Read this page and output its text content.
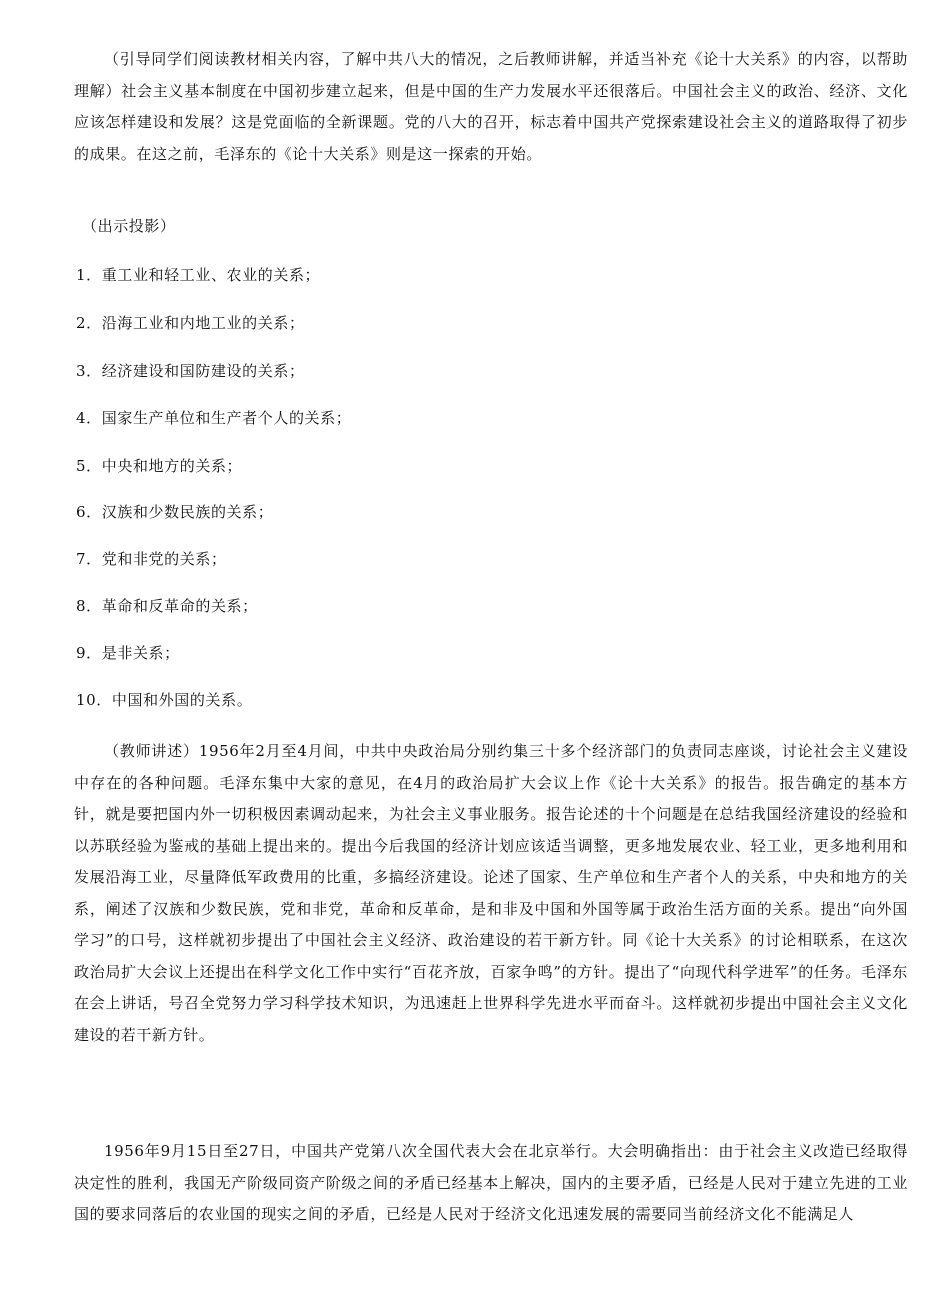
（引导同学们阅读教材相关内容，了解中共八大的情况，之后教师讲解，并适当补充《论十大关系》的内容，以帮助理解）社会主义基本制度在中国初步建立起来，但是中国的生产力发展水平还很落后。中国社会主义的政治、经济、文化应该怎样建设和发展？这是党面临的全新课题。党的八大的召开，标志着中国共产党探索建设社会主义的道路取得了初步的成果。在这之前，毛泽东的《论十大关系》则是这一探索的开始。

（出示投影）

1．重工业和轻工业、农业的关系；

2．沿海工业和内地工业的关系；

3．经济建设和国防建设的关系；

4．国家生产单位和生产者个人的关系；

5．中央和地方的关系；

6．汉族和少数民族的关系；

7．党和非党的关系；

8．革命和反革命的关系；

9．是非关系；

10．中国和外国的关系。

（教师讲述）1956年2月至4月间，中共中央政治局分别约集三十多个经济部门的负责同志座谈，讨论社会主义建设中存在的各种问题。毛泽东集中大家的意见，在4月的政治局扩大会议上作《论十大关系》的报告。报告确定的基本方针，就是要把国内外一切积极因素调动起来，为社会主义事业服务。报告论述的十个问题是在总结我国经济建设的经验和以苏联经验为鉴戒的基础上提出来的。提出今后我国的经济计划应该适当调整，更多地发展农业、轻工业，更多地利用和发展沿海工业，尽量降低军政费用的比重，多搞经济建设。论述了国家、生产单位和生产者个人的关系，中央和地方的关系，阐述了汉族和少数民族，党和非党，革命和反革命，是和非及中国和外国等属于政治生活方面的关系。提出“向外国学习”的口号，这样就初步提出了中国社会主义经济、政治建设的若干新方针。同《论十大关系》的讨论相联系，在这次政治局扩大会议上还提出在科学文化工作中实行“百花齐放，百家争鸣”的方针。提出了“向现代科学进军”的任务。毛泽东在会上讲话，号召全党努力学习科学技术知识，为迅速赶上世界科学先进水平而奋斗。这样就初步提出中国社会主义文化建设的若干新方针。

1956年9月15日至27日，中国共产党第八次全国代表大会在北京举行。大会明确指出：由于社会主义改造已经取得决定性的胜利，我国无产阶级同资产阶级之间的矛盾已经基本上解决，国内的主要矛盾，已经是人民对于建立先进的工业国的要求同落后的农业国的现实之间的矛盾，已经是人民对于经济文化迅速发展的需要同当前经济文化不能满足人
